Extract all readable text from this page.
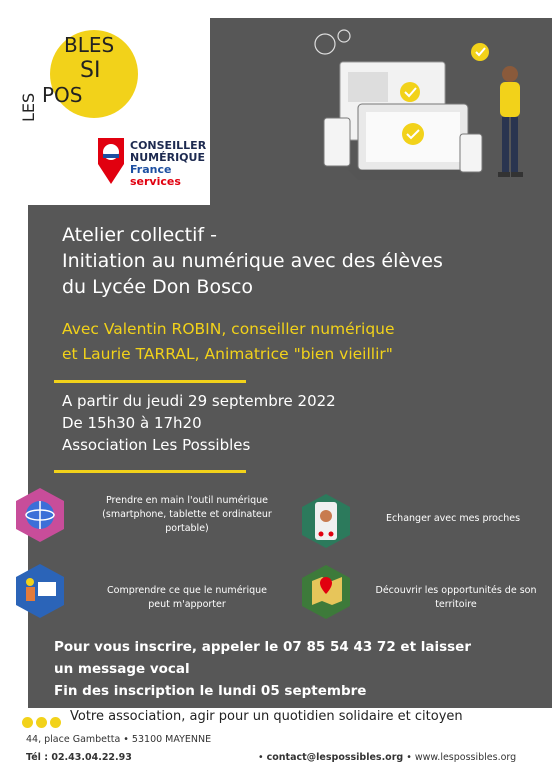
BLES
SI
POS
LES
CONSEILLER
NUMÉRIQUE
France
services
Atelier collectif -
Initiation au numérique avec des élèves
du Lycée Don Bosco
Avec Valentin ROBIN, conseiller numérique
et Laurie TARRAL, Animatrice "bien vieillir"
A partir du jeudi 29 septembre 2022
De 15h30 à 17h20
Association Les Possibles
Prendre en main l'outil numérique
(smartphone, tablette et ordinateur
portable)
Echanger avec mes proches
Comprendre ce que le numérique
peut m'apporter
Découvrir les opportunités de son
territoire
Pour vous inscrire, appeler le 07 85 54 43 72 et laisser
un message vocal
Fin des inscription le lundi 05 septembre
Votre association, agir pour un quotidien solidaire et citoyen
44, place Gambetta • 53100 MAYENNE
Tél : 02.43.04.22.93	• contact@lespossibles.org • www.lespossibles.org
